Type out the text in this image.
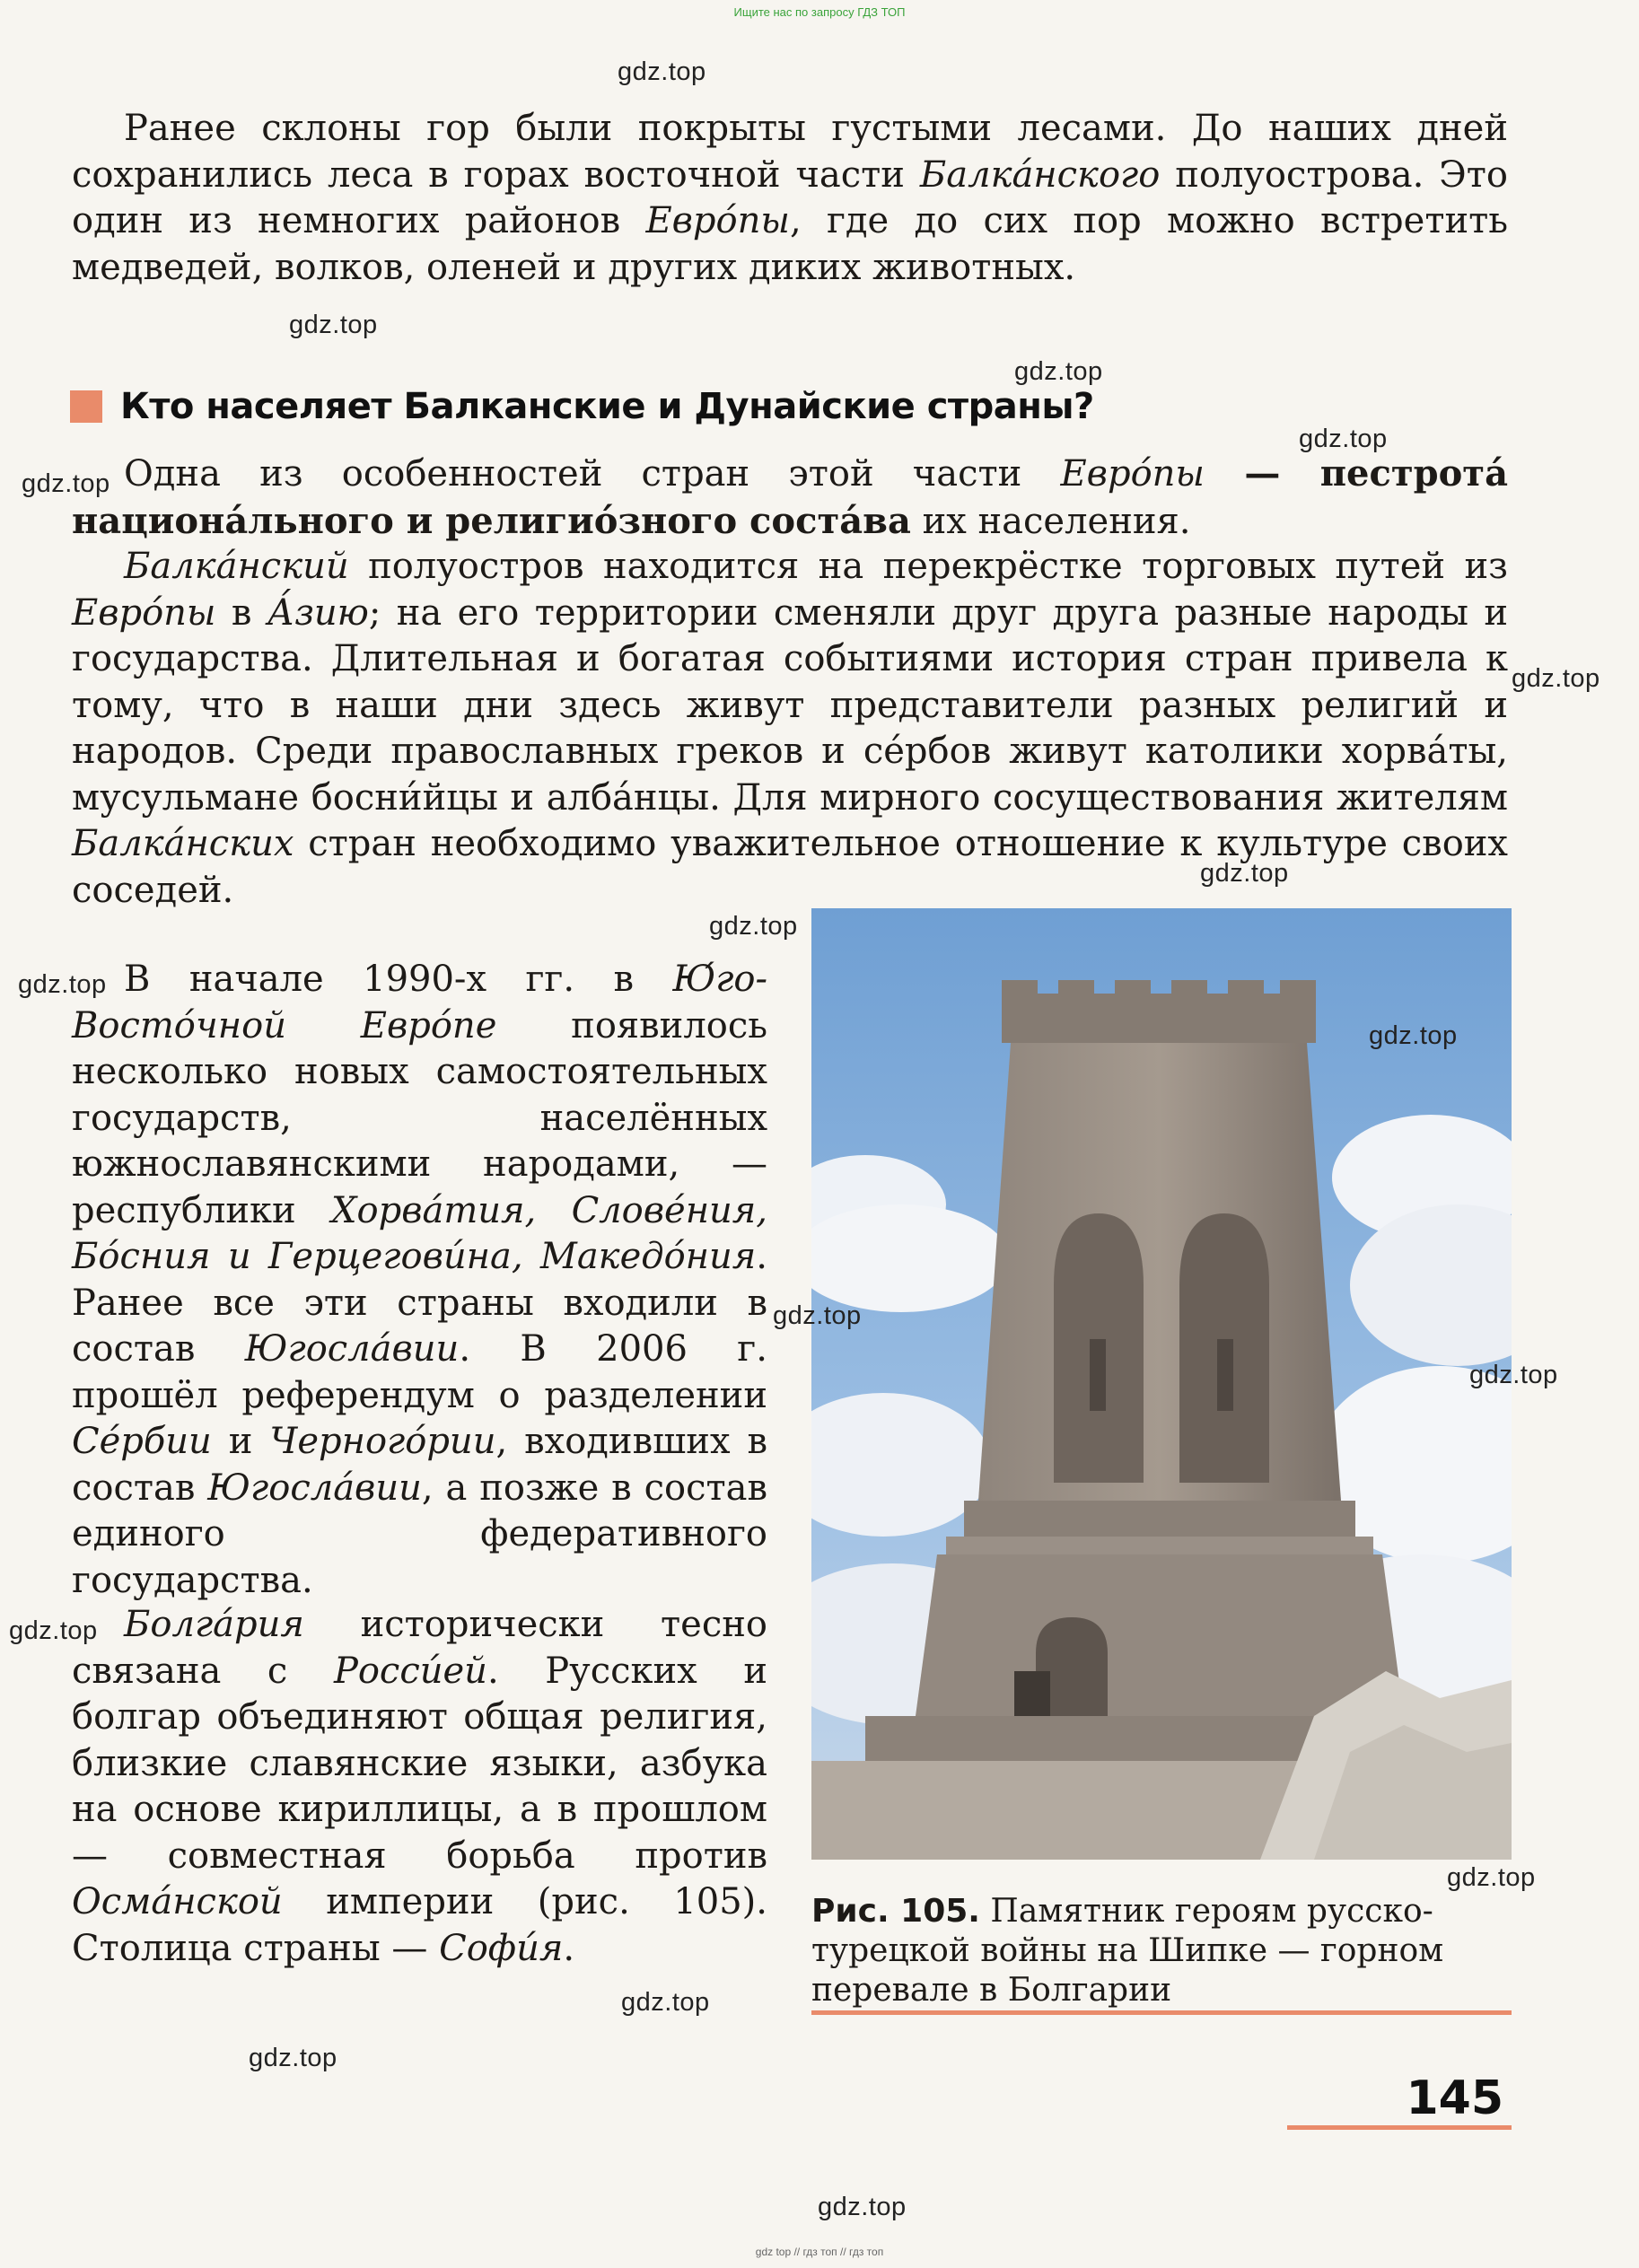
Ищите нас по запросу ГДЗ ТОП

Ранее склоны гор были покрыты густыми лесами. До наших дней сохранились леса в горах восточной части Балка́нского полуострова. Это один из немногих районов Евро́пы, где до сих пор можно встретить медведей, волков, оленей и других диких животных.

Кто населяет Балканские и Дунайские страны?

Одна из особенностей стран этой части Евро́пы — пестрота́ национа́льного и религио́зного соста́ва их населения.

Балка́нский полуостров находится на перекрёстке торговых путей из Евро́пы в А́зию; на его территории сменяли друг друга разные народы и государства. Длительная и богатая событиями история стран привела к тому, что в наши дни здесь живут представители разных религий и народов. Среди православных греков и се́рбов живут католики хорва́ты, мусульмане босни́йцы и алба́нцы. Для мирного сосуществования жителям Балка́нских стран необходимо уважительное отношение к культуре своих соседей.

В начале 1990-х гг. в Ю́го-Восто́чной Евро́пе появилось несколько новых самостоятельных государств, населённых южнославянскими народами, — республики Хорва́тия, Слове́ния, Бо́сния и Герцегови́на, Македо́ния. Ранее все эти страны входили в состав Югосла́вии. В 2006 г. прошёл референдум о разделении Се́рбии и Черного́рии, входивших в состав Югосла́вии, а позже в состав единого федеративного государства.

Болга́рия исторически тесно связана с Росси́ей. Русских и болгар объединяют общая религия, близкие славянские языки, азбука на основе кириллицы, а в прошлом — совместная борьба против Осма́нской империи (рис. 105). Столица страны — Софи́я.

Рис. 105. Памятник героям русско-турецкой войны на Шипке — горном перевале в Болгарии
145
gdz.top
gdz.top
gdz.top
gdz.top
gdz.top
gdz.top
gdz.top
gdz.top
gdz.top
gdz.top
gdz.top
gdz.top
gdz.top
gdz.top
gdz.top
gdz.top
gdz.top
gdz top // гдз топ // гдз топ
